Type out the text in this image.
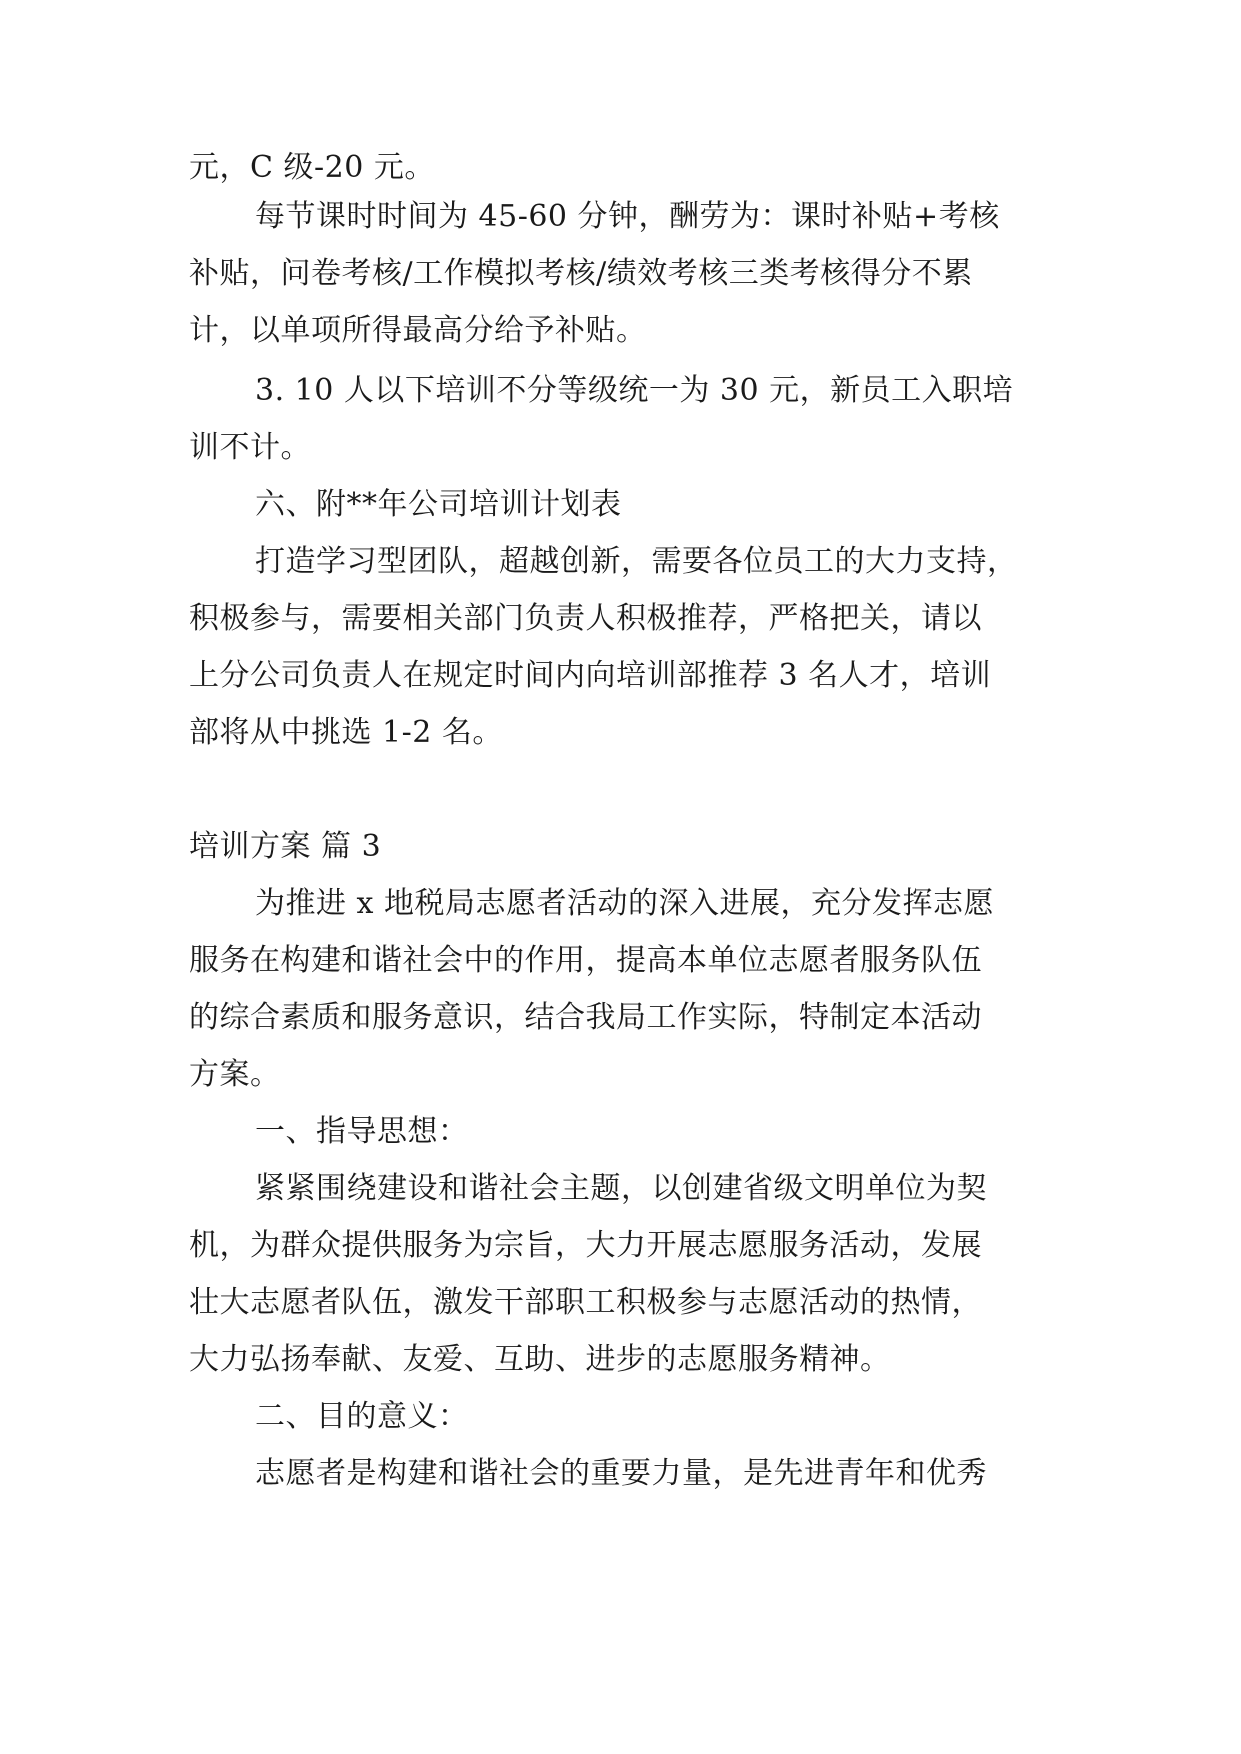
元，C 级-20 元。
每节课时时间为 45-60 分钟，酬劳为：课时补贴+考核
补贴，问卷考核/工作模拟考核/绩效考核三类考核得分不累
计，以单项所得最高分给予补贴。
3. 10 人以下培训不分等级统一为 30 元，新员工入职培
训不计。
六、附**年公司培训计划表
打造学习型团队，超越创新，需要各位员工的大力支持，
积极参与，需要相关部门负责人积极推荐，严格把关，请以
上分公司负责人在规定时间内向培训部推荐 3 名人才，培训
部将从中挑选 1-2 名。
培训方案 篇 3
为推进 x 地税局志愿者活动的深入进展，充分发挥志愿
服务在构建和谐社会中的作用，提高本单位志愿者服务队伍
的综合素质和服务意识，结合我局工作实际，特制定本活动
方案。
一、指导思想：
紧紧围绕建设和谐社会主题，以创建省级文明单位为契
机，为群众提供服务为宗旨，大力开展志愿服务活动，发展
壮大志愿者队伍，激发干部职工积极参与志愿活动的热情，
大力弘扬奉献、友爱、互助、进步的志愿服务精神。
二、目的意义：
志愿者是构建和谐社会的重要力量，是先进青年和优秀
